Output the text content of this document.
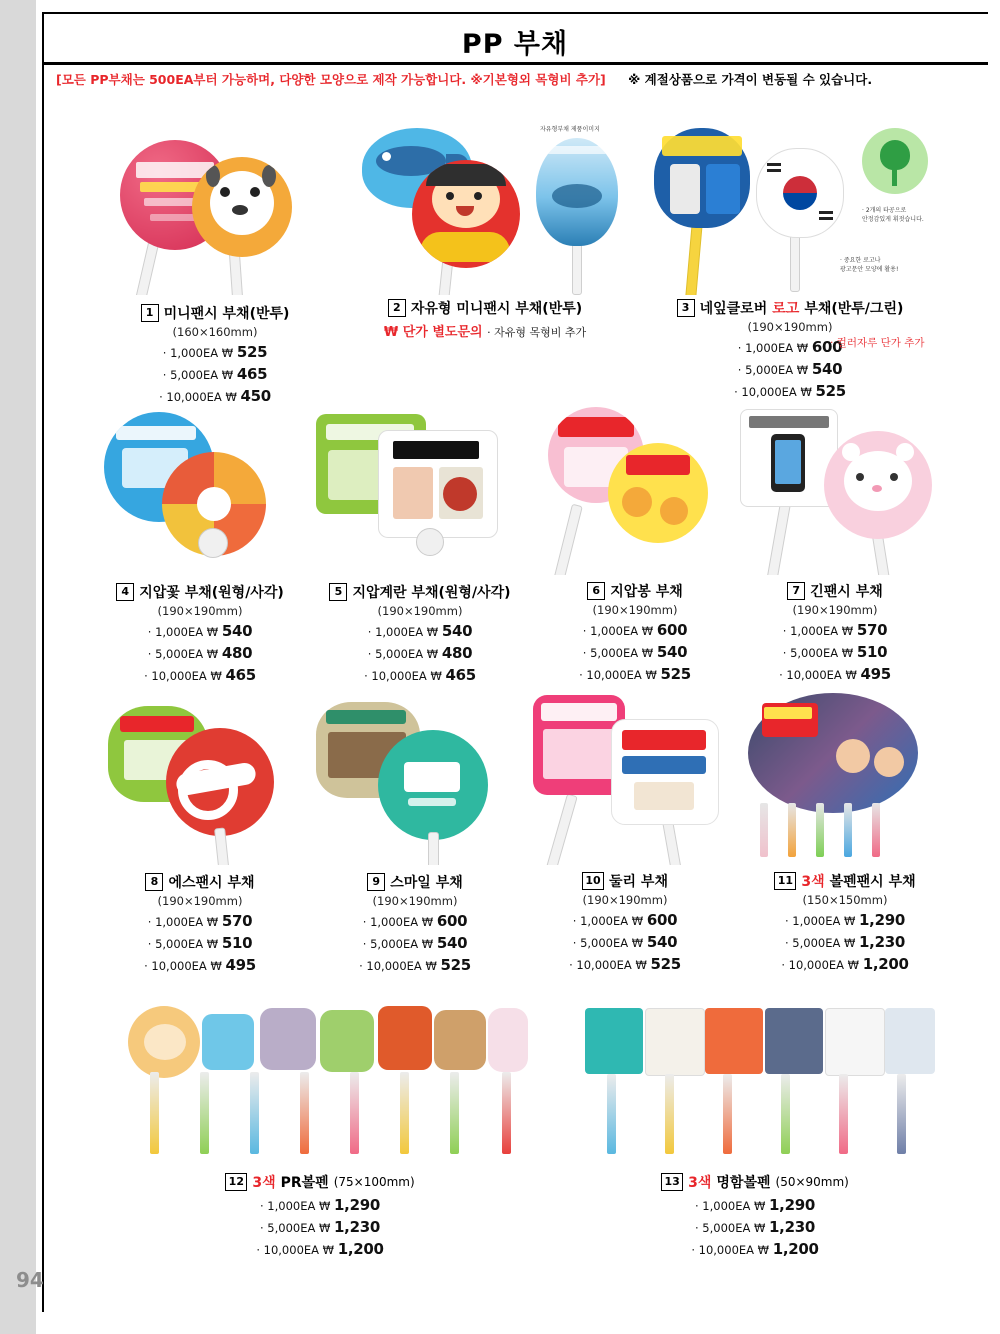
PP 부채
[모든 PP부채는 500EA부터 가능하며, 다양한 모양으로 제작 가능합니다. ※기본형외 목형비 추가] ※ 계절상품으로 가격이 변동될 수 있습니다.
94
1 미니팬시 부채(반투)
(160×160mm)
· 1,000EA ₩ 525
· 5,000EA ₩ 465
· 10,000EA ₩ 450
자유형부채 제품이미지
2 자유형 미니팬시 부채(반투)
₩ 단가 별도문의 · 자유형 목형비 추가
· 2개의 타공으로
안정감있게 휘젓습니다.
· 중요한 로고나
광고문안 모양에 활용!
3 네잎클로버 로고 부채(반투/그린)
(190×190mm)
· 1,000EA ₩ 600
· 5,000EA ₩ 540
· 10,000EA ₩ 525
· 컬러자루 단가 추가
4 지압꽃 부채(원형/사각)
(190×190mm)
· 1,000EA ₩ 540
· 5,000EA ₩ 480
· 10,000EA ₩ 465
5 지압계란 부채(원형/사각)
(190×190mm)
· 1,000EA ₩ 540
· 5,000EA ₩ 480
· 10,000EA ₩ 465
6 지압봉 부채
(190×190mm)
· 1,000EA ₩ 600
· 5,000EA ₩ 540
· 10,000EA ₩ 525
7 긴팬시 부채
(190×190mm)
· 1,000EA ₩ 570
· 5,000EA ₩ 510
· 10,000EA ₩ 495
8 에스팬시 부채
(190×190mm)
· 1,000EA ₩ 570
· 5,000EA ₩ 510
· 10,000EA ₩ 495
9 스마일 부채
(190×190mm)
· 1,000EA ₩ 600
· 5,000EA ₩ 540
· 10,000EA ₩ 525
10 둘리 부채
(190×190mm)
· 1,000EA ₩ 600
· 5,000EA ₩ 540
· 10,000EA ₩ 525
11 3색 볼펜팬시 부채
(150×150mm)
· 1,000EA ₩ 1,290
· 5,000EA ₩ 1,230
· 10,000EA ₩ 1,200
12 3색 PR볼펜 (75×100mm)
· 1,000EA ₩ 1,290
· 5,000EA ₩ 1,230
· 10,000EA ₩ 1,200
13 3색 명함볼펜 (50×90mm)
· 1,000EA ₩ 1,290
· 5,000EA ₩ 1,230
· 10,000EA ₩ 1,200
